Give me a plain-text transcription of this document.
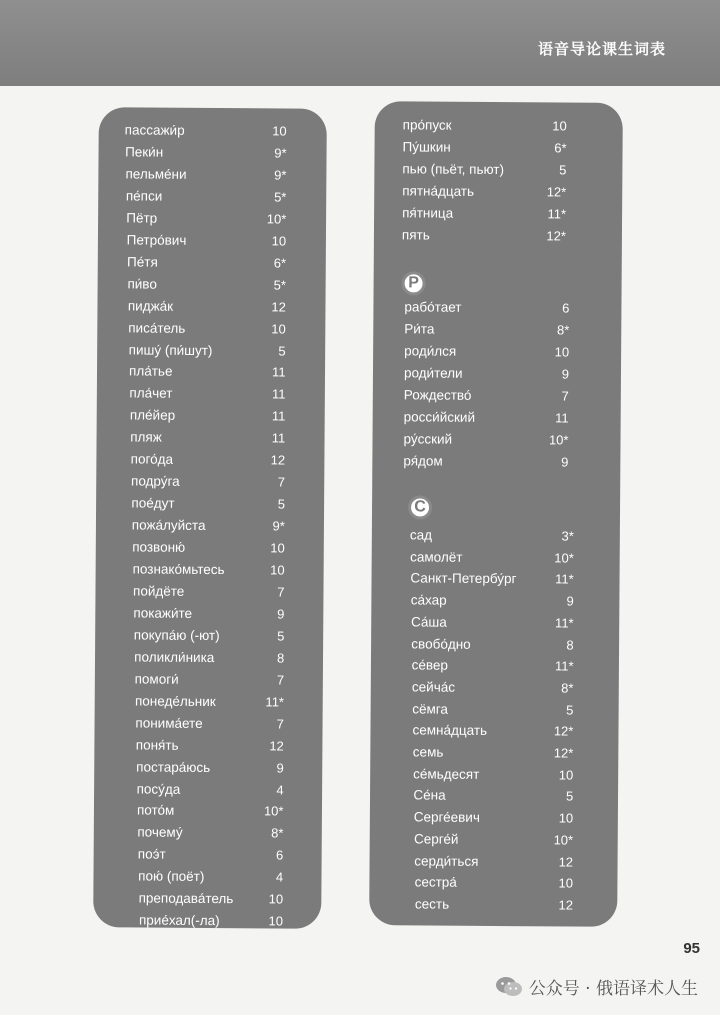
语音导论课生词表
пассажи́р	10
Пеки́н	9*
пельме́ни	9*
пе́пси	5*
Пётр	10*
Петро́вич	10
Пе́тя	6*
пи́во	5*
пиджа́к	12
писа́тель	10
пишу́ (пи́шут)	5
пла́тье	11
пла́чет	11
пле́йер	11
пляж	11
пого́да	12
подру́га	7
пое́дут	5
пожа́луйста	9*
позвоню́	10
познако́мьтесь	10
пойдёте	7
покажи́те	9
покупа́ю (-ют)	5
поликли́ника	8
помоги́	7
понеде́льник	11*
понима́ете	7
поня́ть	12
постара́юсь	9
посу́да	4
пото́м	10*
почему́	8*
поэ́т	6
пою́ (поёт)	4
преподава́тель	10
прие́хал(-ла)	10
про́пуск	10
Пу́шкин	6*
пью (пьёт, пьют)	5
пятна́дцать	12*
пя́тница	11*
пять	12*
Р
рабо́тает	6
Ри́та	8*
роди́лся	10
роди́тели	9
Рождество́	7
росси́йский	11
ру́сский	10*
ря́дом	9
С
сад	3*
самолёт	10*
Санкт-Петербу́рг	11*
са́хар	9
Са́ша	11*
свобо́дно	8
се́вер	11*
сейча́с	8*
сёмга	5
семна́дцать	12*
семь	12*
се́мьдесят	10
Се́на	5
Серге́евич	10
Серге́й	10*
серди́ться	12
сестра́	10
сесть	12
95
公众号 · 俄语译术人生
